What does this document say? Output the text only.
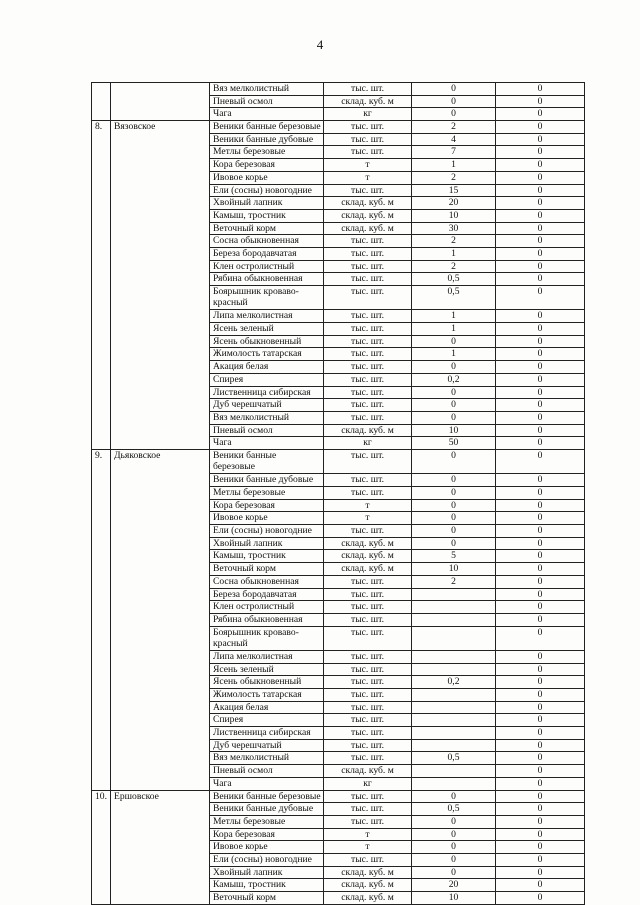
4
		Вяз мелколистный	тыс. шт.	0	0
		Пневый осмол	склад. куб. м	0	0
		Чага	кг	0	0
8.	Вязовское	Веники банные березовые	тыс. шт.	2	0
		Веники банные дубовые	тыс. шт.	4	0
		Метлы березовые	тыс. шт.	7	0
		Кора березовая	т	1	0
		Ивовое корье	т	2	0
		Ели (сосны) новогодние	тыс. шт.	15	0
		Хвойный лапник	склад. куб. м	20	0
		Камыш, тростник	склад. куб. м	10	0
		Веточный корм	склад. куб. м	30	0
		Сосна обыкновенная	тыс. шт.	2	0
		Береза бородавчатая	тыс. шт.	1	0
		Клен остролистный	тыс. шт.	2	0
		Рябина обыкновенная	тыс. шт.	0,5	0
		Боярышник кроваво-красный	тыс. шт.	0,5	0
		Липа мелколистная	тыс. шт.	1	0
		Ясень зеленый	тыс. шт.	1	0
		Ясень обыкновенный	тыс. шт.	0	0
		Жимолость татарская	тыс. шт.	1	0
		Акация белая	тыс. шт.	0	0
		Спирея	тыс. шт.	0,2	0
		Лиственница сибирская	тыс. шт.	0	0
		Дуб черешчатый	тыс. шт.	0	0
		Вяз мелколистный	тыс. шт.	0	0
		Пневый осмол	склад. куб. м	10	0
		Чага	кг	50	0
9.	Дьяковское	Веники банные березовые	тыс. шт.	0	0
		Веники банные дубовые	тыс. шт.	0	0
		Метлы березовые	тыс. шт.	0	0
		Кора березовая	т	0	0
		Ивовое корье	т	0	0
		Ели (сосны) новогодние	тыс. шт.	0	0
		Хвойный лапник	склад. куб. м	0	0
		Камыш, тростник	склад. куб. м	5	0
		Веточный корм	склад. куб. м	10	0
		Сосна обыкновенная	тыс. шт.	2	0
		Береза бородавчатая	тыс. шт.		0
		Клен остролистный	тыс. шт.		0
		Рябина обыкновенная	тыс. шт.		0
		Боярышник кроваво-красный	тыс. шт.		0
		Липа мелколистная	тыс. шт.		0
		Ясень зеленый	тыс. шт.		0
		Ясень обыкновенный	тыс. шт.	0,2	0
		Жимолость татарская	тыс. шт.		0
		Акация белая	тыс. шт.		0
		Спирея	тыс. шт.		0
		Лиственница сибирская	тыс. шт.		0
		Дуб черешчатый	тыс. шт.		0
		Вяз мелколистный	тыс. шт.	0,5	0
		Пневый осмол	склад. куб. м		0
		Чага	кг		0
10.	Ершовское	Веники банные березовые	тыс. шт.	0	0
		Веники банные дубовые	тыс. шт.	0,5	0
		Метлы березовые	тыс. шт.	0	0
		Кора березовая	т	0	0
		Ивовое корье	т	0	0
		Ели (сосны) новогодние	тыс. шт.	0	0
		Хвойный лапник	склад. куб. м	0	0
		Камыш, тростник	склад. куб. м	20	0
		Веточный корм	склад. куб. м	10	0
